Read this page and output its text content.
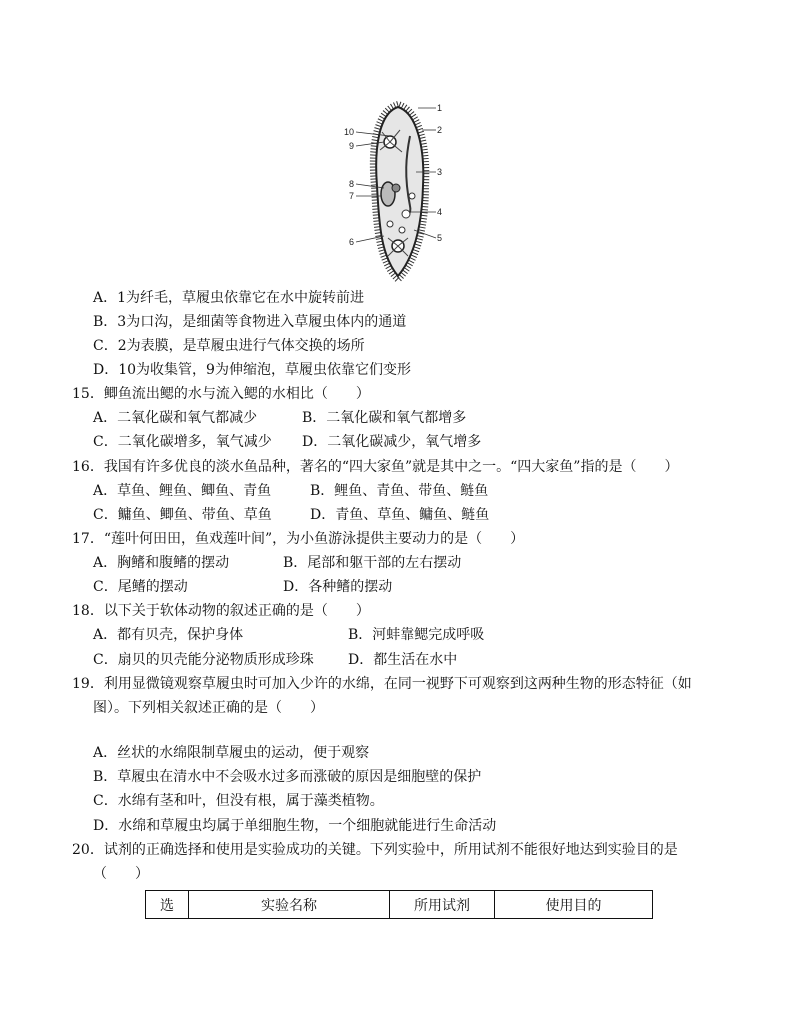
1
2
3
4
5
6
7
8
9
10
A．1为纤毛，草履虫依靠它在水中旋转前进
B．3为口沟，是细菌等食物进入草履虫体内的通道
C．2为表膜，是草履虫进行气体交换的场所
D．10为收集管，9为伸缩泡，草履虫依靠它们变形
15．鲫鱼流出鳃的水与流入鳃的水相比（　　）
A．二氧化碳和氧气都减少	B．二氧化碳和氧气都增多
C．二氧化碳增多，氧气减少 D．二氧化碳减少，氧气增多
16．我国有许多优良的淡水鱼品种，著名的“四大家鱼”就是其中之一。“四大家鱼”指的是（　　）
A．草鱼、鲤鱼、鲫鱼、青鱼	B．鲤鱼、青鱼、带鱼、鲢鱼
C．鳙鱼、鲫鱼、带鱼、草鱼	D．青鱼、草鱼、鳙鱼、鲢鱼
17．“莲叶何田田，鱼戏莲叶间”，为小鱼游泳提供主要动力的是（　　）
A．胸鳍和腹鳍的摆动	B．尾部和躯干部的左右摆动
C．尾鳍的摆动	D．各种鳍的摆动
18．以下关于软体动物的叙述正确的是（　　）
A．都有贝壳，保护身体	B．河蚌靠鳃完成呼吸
C．扇贝的贝壳能分泌物质形成珍珠 D．都生活在水中
19．利用显微镜观察草履虫时可加入少许的水绵，在同一视野下可观察到这两种生物的形态特征（如
图）。下列相关叙述正确的是（　　）
A．丝状的水绵限制草履虫的运动，便于观察
B．草履虫在清水中不会吸水过多而涨破的原因是细胞壁的保护
C．水绵有茎和叶，但没有根，属于藻类植物。
D．水绵和草履虫均属于单细胞生物，一个细胞就能进行生命活动
20．试剂的正确选择和使用是实验成功的关键。下列实验中，所用试剂不能很好地达到实验目的是
（　　）
选	实验名称	所用试剂	使用目的
